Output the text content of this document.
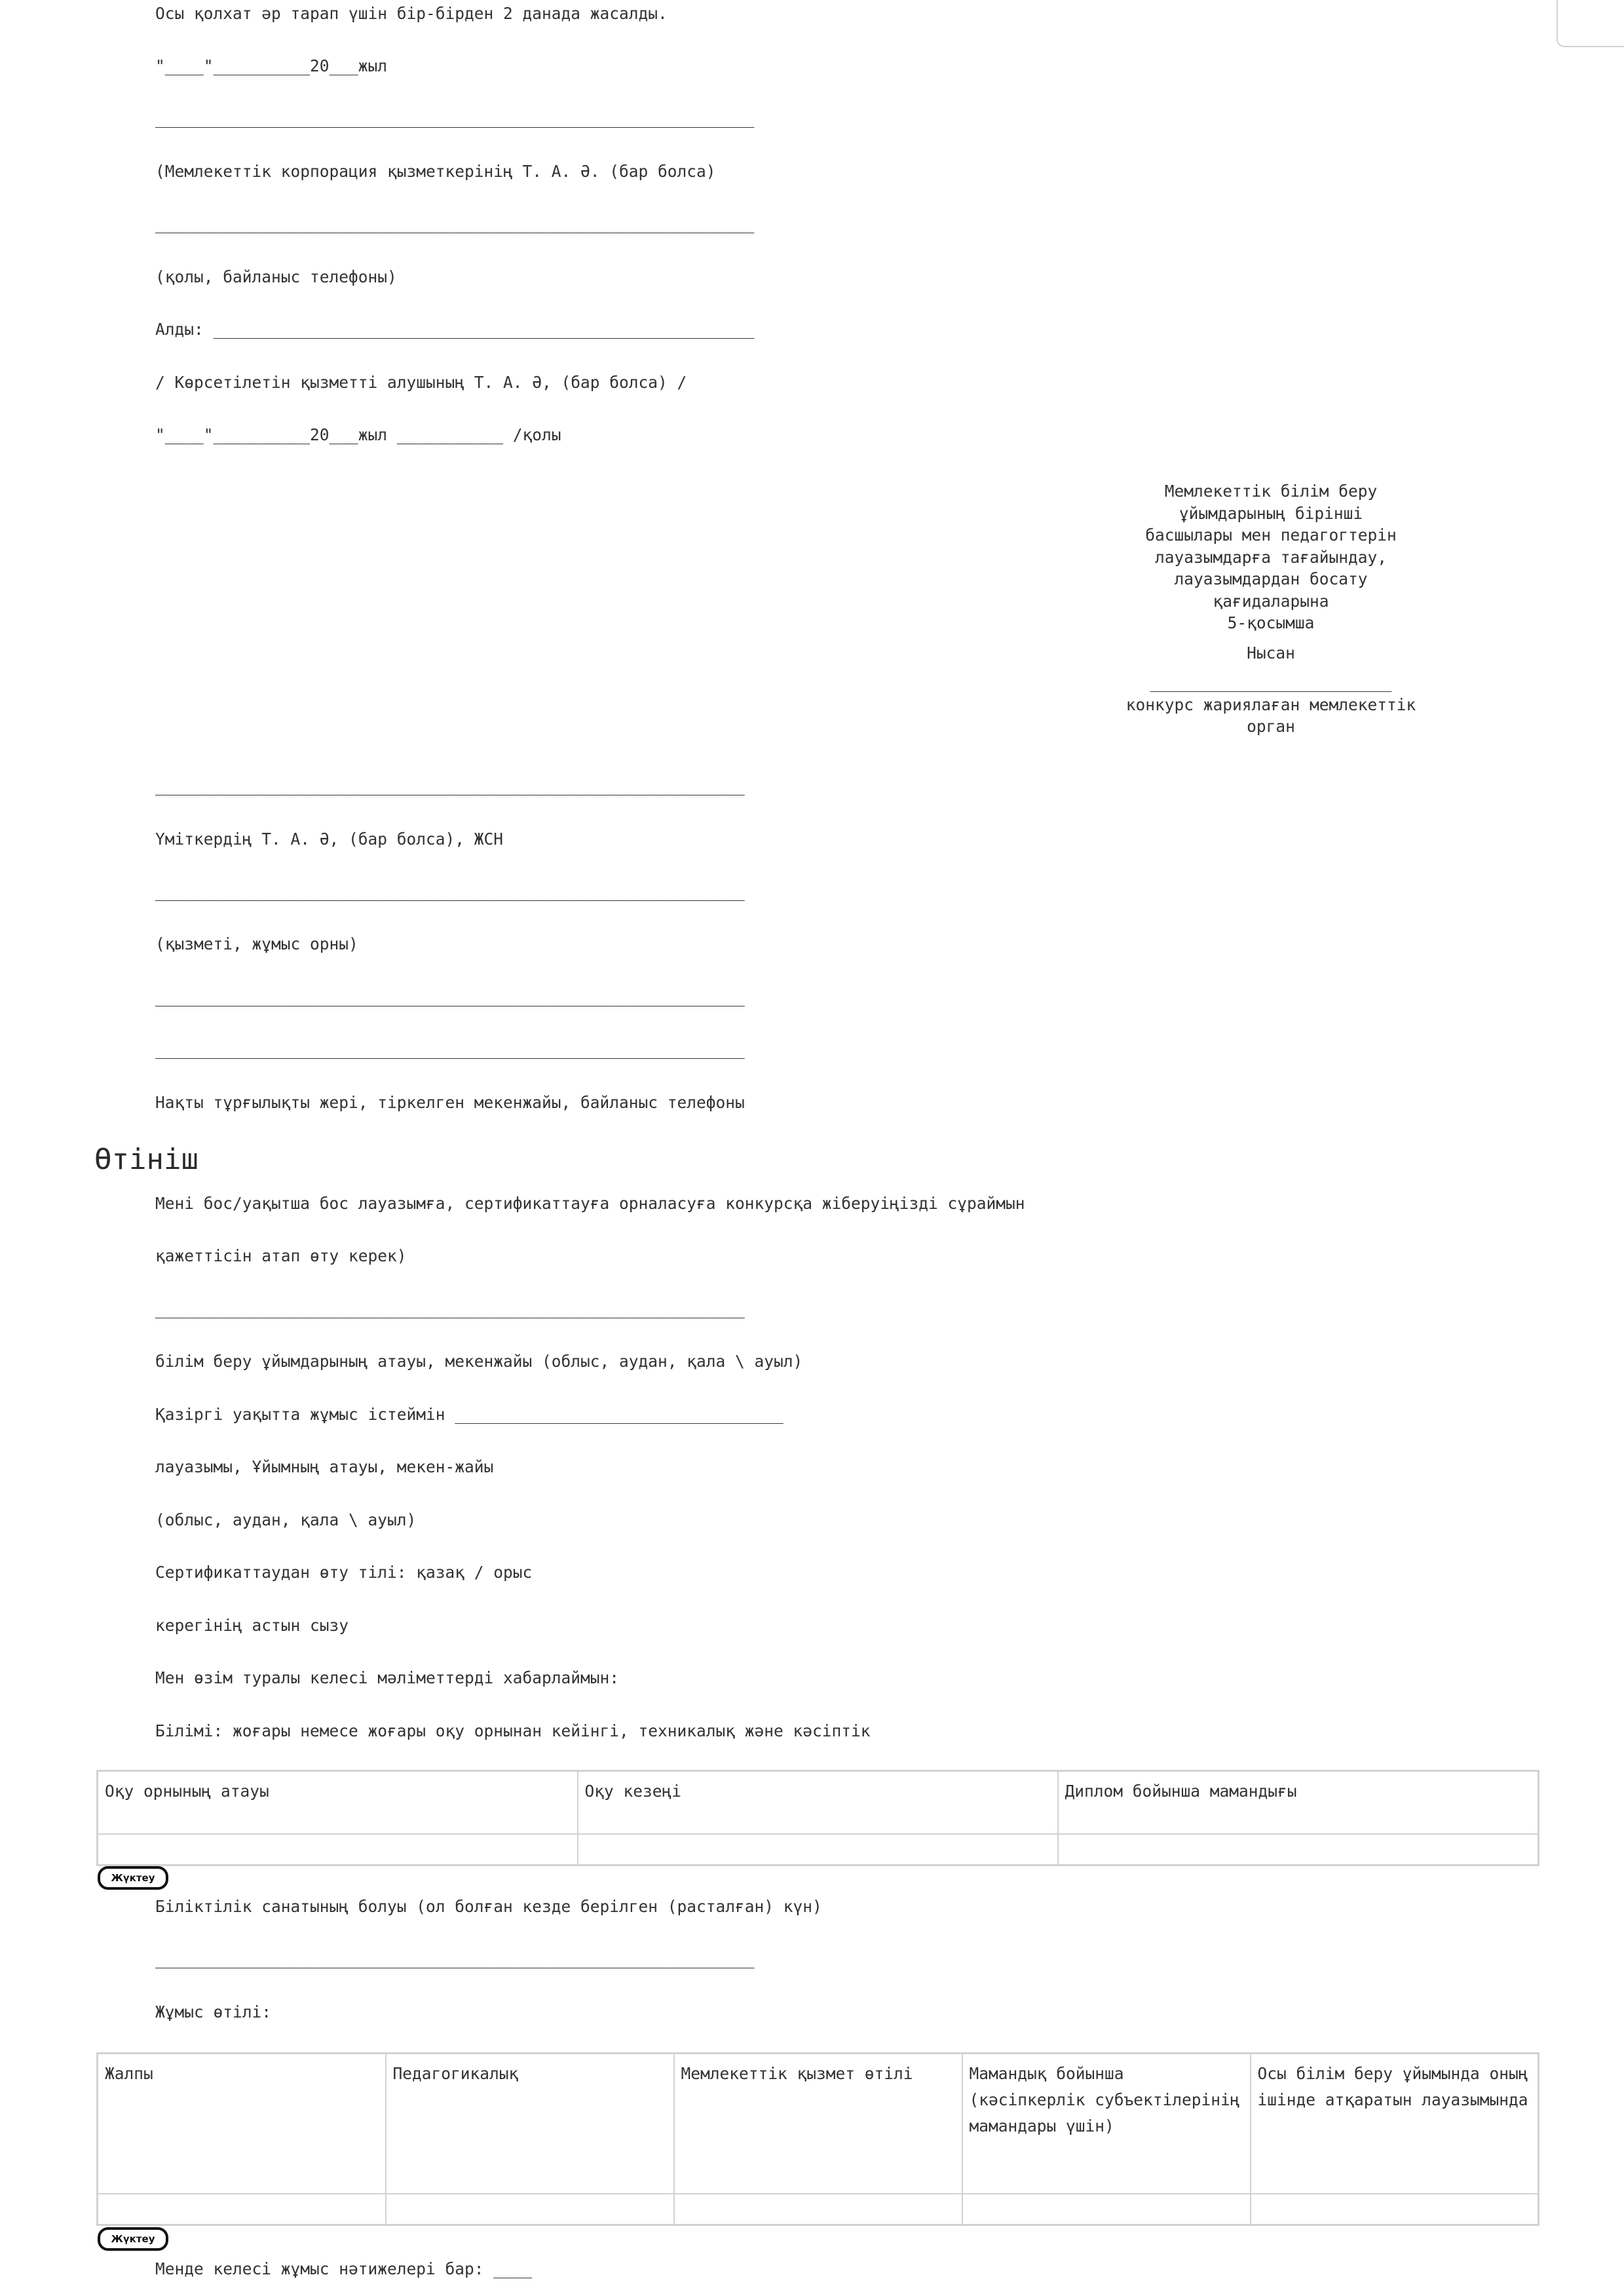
Осы қолхат әр тарап үшін бір-бірден 2 данада жасалды.

"____"__________20___жыл

______________________________________________________________

(Мемлекеттік корпорация қызметкерінің Т. А. Ә. (бар болса)

______________________________________________________________

(қолы, байланыс телефоны)

Алды: ________________________________________________________

/ Көрсетілетін қызметті алушының Т. А. Ә, (бар болса) /

"____"__________20___жыл ___________ /қолы

Мемлекеттік білім беру
ұйымдарының бірінші
басшылары мен педагогтерін
лауазымдарға тағайындау,
лауазымдардан босату
қағидаларына
5-қосымша
Нысан
_________________________
конкурс жариялаған мемлекеттік
орган

_____________________________________________________________

Үміткердің Т. А. Ә, (бар болса), ЖСН

_____________________________________________________________

(қызметі, жұмыс орны)

_____________________________________________________________

_____________________________________________________________

Нақты тұрғылықты жері, тіркелген мекенжайы, байланыс телефоны

Өтініш

Мені бос/уақытша бос лауазымға, сертификаттауға орналасуға конкурсқа жіберуіңізді сұраймын

қажеттісін атап өту керек)

_____________________________________________________________

білім беру ұйымдарының атауы, мекенжайы (облыс, аудан, қала \ ауыл)

Қазіргі уақытта жұмыс істеймін __________________________________

лауазымы, Ұйымның атауы, мекен-жайы

(облыс, аудан, қала \ ауыл)

Сертификаттаудан өту тілі: қазақ / орыс

керегінің астын сызу

Мен өзім туралы келесі мәліметтерді хабарлаймын:

Білімі: жоғары немесе жоғары оқу орнынан кейінгі, техникалық және кәсіптік

Оқу орнының атауы	Оқу кезеңі	Диплом бойынша мамандығы

Жүктеу

Біліктілік санатының болуы (ол болған кезде берілген (расталған) күн)

______________________________________________________________

Жұмыс өтілі:

Жалпы	Педагогикалық	Мемлекеттік қызмет өтілі	Мамандық бойынша (кәсіпкерлік субъектілерінің мамандары үшін)	Осы білім беру ұйымында оның ішінде атқаратын лауазымында

Жүктеу

Менде келесі жұмыс нәтижелері бар: ____
